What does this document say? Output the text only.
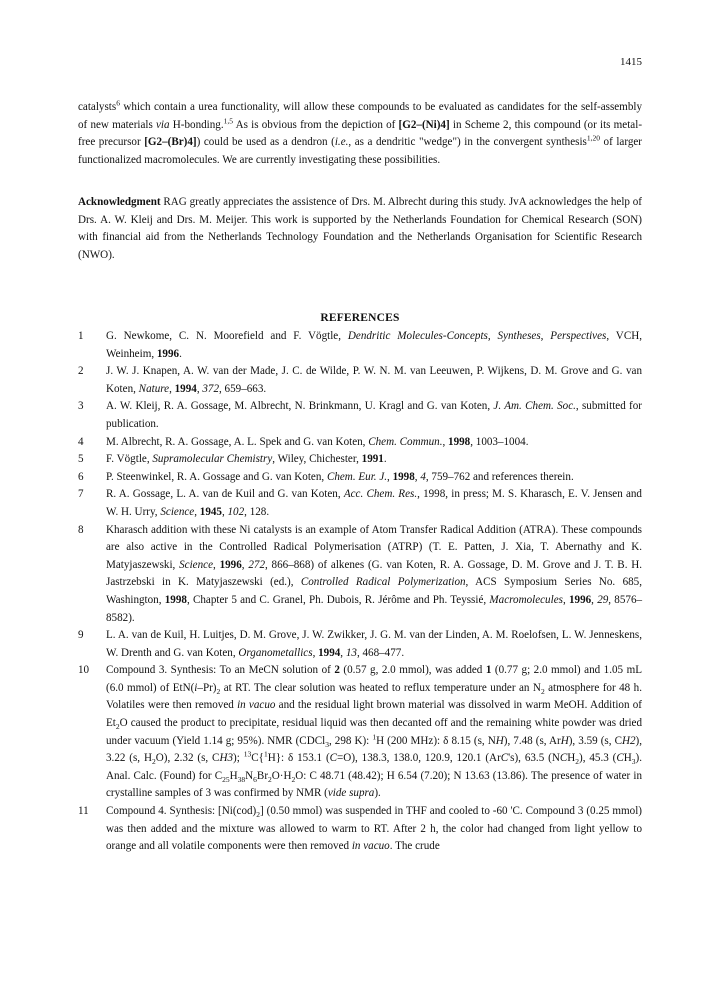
1415
catalysts$^6$ which contain a urea functionality, will allow these compounds to be evaluated as candidates for the self-assembly of new materials via H-bonding.$^{1,5}$ As is obvious from the depiction of [G2–(Ni)4] in Scheme 2, this compound (or its metal-free precursor [G2–(Br)4]) could be used as a dendron (i.e., as a dendritic "wedge") in the convergent synthesis$^{1,20}$ of larger functionalized macromolecules. We are currently investigating these possibilities.
Acknowledgment RAG greatly appreciates the assistence of Drs. M. Albrecht during this study. JvA acknowledges the help of Drs. A. W. Kleij and Drs. M. Meijer. This work is supported by the Netherlands Foundation for Chemical Research (SON) with financial aid from the Netherlands Technology Foundation and the Netherlands Organisation for Scientific Research (NWO).
REFERENCES
1	G. Newkome, C. N. Moorefield and F. Vögtle, Dendritic Molecules-Concepts, Syntheses, Perspectives, VCH, Weinheim, 1996.
2	J. W. J. Knapen, A. W. van der Made, J. C. de Wilde, P. W. N. M. van Leeuwen, P. Wijkens, D. M. Grove and G. van Koten, Nature, 1994, 372, 659–663.
3	A. W. Kleij, R. A. Gossage, M. Albrecht, N. Brinkmann, U. Kragl and G. van Koten, J. Am. Chem. Soc., submitted for publication.
4	M. Albrecht, R. A. Gossage, A. L. Spek and G. van Koten, Chem. Commun., 1998, 1003–1004.
5	F. Vögtle, Supramolecular Chemistry, Wiley, Chichester, 1991.
6	P. Steenwinkel, R. A. Gossage and G. van Koten, Chem. Eur. J., 1998, 4, 759–762 and references therein.
7	R. A. Gossage, L. A. van de Kuil and G. van Koten, Acc. Chem. Res., 1998, in press; M. S. Kharasch, E. V. Jensen and W. H. Urry, Science, 1945, 102, 128.
8	Kharasch addition with these Ni catalysts is an example of Atom Transfer Radical Addition (ATRA). These compounds are also active in the Controlled Radical Polymerisation (ATRP) (T. E. Patten, J. Xia, T. Abernathy and K. Matyjaszewski, Science, 1996, 272, 866–868) of alkenes (G. van Koten, R. A. Gossage, D. M. Grove and J. T. B. H. Jastrzebski in K. Matyjaszewski (ed.), Controlled Radical Polymerization, ACS Symposium Series No. 685, Washington, 1998, Chapter 5 and C. Granel, Ph. Dubois, R. Jérôme and Ph. Teyssié, Macromolecules, 1996, 29, 8576–8582).
9	L. A. van de Kuil, H. Luitjes, D. M. Grove, J. W. Zwikker, J. G. M. van der Linden, A. M. Roelofsen, L. W. Jenneskens, W. Drenth and G. van Koten, Organometallics, 1994, 13, 468–477.
10	Compound 3. Synthesis: To an MeCN solution of 2 (0.57 g, 2.0 mmol), was added 1 (0.77 g; 2.0 mmol) and 1.05 mL (6.0 mmol) of $EtN(i-Pr)_2$ at RT. The clear solution was heated to reflux temperature under an $N_2$ atmosphere for 48 h. Volatiles were then removed in vacuo and the residual light brown material was dissolved in warm MeOH. Addition of $Et_2O$ caused the product to precipitate, residual liquid was then decanted off and the remaining white powder was dried under vacuum (Yield 1.14 g; 95%). NMR (CDCl$_3$, 298 K): $^1$H (200 MHz): δ 8.15 (s, NH), 7.48 (s, ArH), 3.59 (s, CH2), 3.22 (s, $H_2O$), 2.32 (s, CH3); $^{13}$C{$^1$H}: δ 153.1 (C=O), 138.3, 138.0, 120.9, 120.1 (ArC's), 63.5 $(NCH_2)$, 45.3 $(CH_3)$. Anal. Calc. (Found) for $C_{25}H_{38}N_6Br_2O\cdot H_2O$: C 48.71 (48.42); H 6.54 (7.20); N 13.63 (13.86). The presence of water in crystalline samples of 3 was confirmed by NMR (vide supra).
11	Compound 4. Synthesis: $[Ni(cod)_2]$ (0.50 mmol) was suspended in THF and cooled to -60 'C. Compound 3 (0.25 mmol) was then added and the mixture was allowed to warm to RT. After 2 h, the color had changed from light yellow to orange and all volatile components were then removed in vacuo. The crude
